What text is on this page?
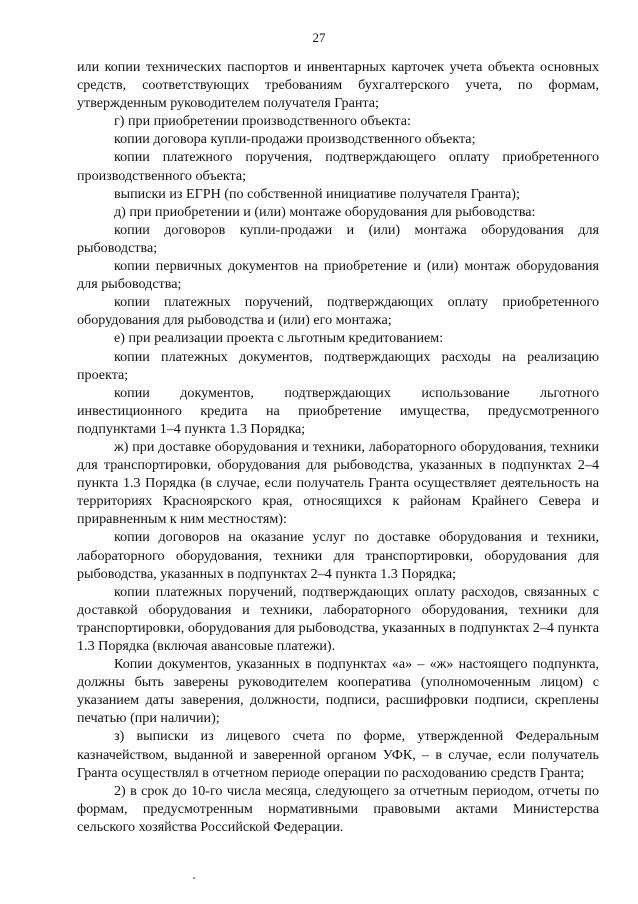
27

или копии технических паспортов и инвентарных карточек учета объекта основных средств, соответствующих требованиям бухгалтерского учета, по формам, утвержденным руководителем получателя Гранта;

г) при приобретении производственного объекта:

копии договора купли-продажи производственного объекта;

копии платежного поручения, подтверждающего оплату приобретенного производственного объекта;

выписки из ЕГРН (по собственной инициативе получателя Гранта);

д) при приобретении и (или) монтаже оборудования для рыбоводства:

копии договоров купли-продажи и (или) монтажа оборудования для рыбоводства;

копии первичных документов на приобретение и (или) монтаж оборудования для рыбоводства;

копии платежных поручений, подтверждающих оплату приобретенного оборудования для рыбоводства и (или) его монтажа;

е) при реализации проекта с льготным кредитованием:

копии платежных документов, подтверждающих расходы на реализацию проекта;

копии документов, подтверждающих использование льготного инвестиционного кредита на приобретение имущества, предусмотренного подпунктами 1–4 пункта 1.3 Порядка;

ж) при доставке оборудования и техники, лабораторного оборудования, техники для транспортировки, оборудования для рыбоводства, указанных в подпунктах 2–4 пункта 1.3 Порядка (в случае, если получатель Гранта осуществляет деятельность на территориях Красноярского края, относящихся к районам Крайнего Севера и приравненным к ним местностям):

копии договоров на оказание услуг по доставке оборудования и техники, лабораторного оборудования, техники для транспортировки, оборудования для рыбоводства, указанных в подпунктах 2–4 пункта 1.3 Порядка;

копии платежных поручений, подтверждающих оплату расходов, связанных с доставкой оборудования и техники, лабораторного оборудования, техники для транспортировки, оборудования для рыбоводства, указанных в подпунктах 2–4 пункта 1.3 Порядка (включая авансовые платежи).

Копии документов, указанных в подпунктах «а» – «ж» настоящего подпункта, должны быть заверены руководителем кооператива (уполномоченным лицом) с указанием даты заверения, должности, подписи, расшифровки подписи, скреплены печатью (при наличии);

з) выписки из лицевого счета по форме, утвержденной Федеральным казначейством, выданной и заверенной органом УФК, – в случае, если получатель Гранта осуществлял в отчетном периоде операции по расходованию средств Гранта;

2) в срок до 10-го числа месяца, следующего за отчетным периодом, отчеты по формам, предусмотренным нормативными правовыми актами Министерства сельского хозяйства Российской Федерации.
